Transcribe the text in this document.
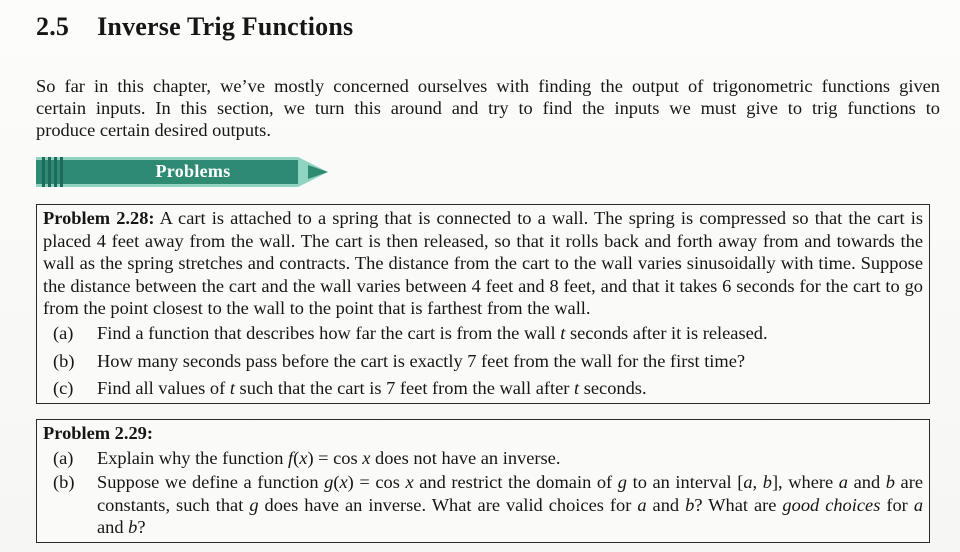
2.5 Inverse Trig Functions
So far in this chapter, we’ve mostly concerned ourselves with finding the output of trigonometric functions given
certain inputs. In this section, we turn this around and try to find the inputs we must give to trig functions to
produce certain desired outputs.
Problems
Problem 2.28: A cart is attached to a spring that is connected to a wall. The spring is compressed so that the cart is placed 4 feet away from the wall. The cart is then released, so that it rolls back and forth away from and towards the wall as the spring stretches and contracts. The distance from the cart to the wall varies sinusoidally with time. Suppose the distance between the cart and the wall varies between 4 feet and 8 feet, and that it takes 6 seconds for the cart to go from the point closest to the wall to the point that is farthest from the wall.
(a)	Find a function that describes how far the cart is from the wall t seconds after it is released.
(b)	How many seconds pass before the cart is exactly 7 feet from the wall for the first time?
(c)	Find all values of t such that the cart is 7 feet from the wall after t seconds.
Problem 2.29:
(a)	Explain why the function f(x) = cos x does not have an inverse.
(b)	Suppose we define a function g(x) = cos x and restrict the domain of g to an interval [a, b], where a and b are constants, such that g does have an inverse. What are valid choices for a and b? What are good choices for a and b?
